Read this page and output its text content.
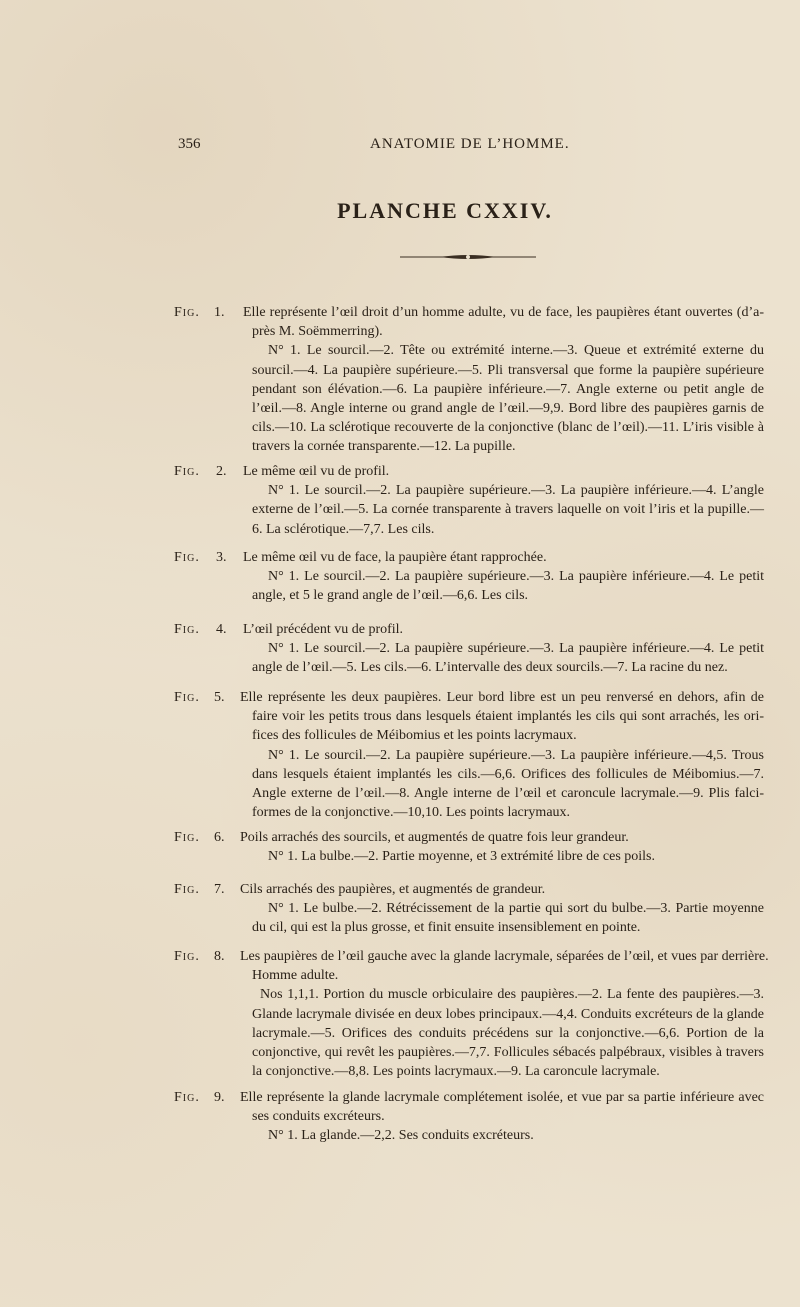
356	ANATOMIE DE L’HOMME.
PLANCHE CXXIV.
Fig. 1. Elle représente l’œil droit d’un homme adulte, vu de face, les paupières étant ouvertes (d’a-
près M. Soëmmerring).
N° 1. Le sourcil.—2. Tête ou extrémité interne.—3. Queue et extrémité externe du
sourcil.—4. La paupière supérieure.—5. Pli transversal que forme la paupière supérieure
pendant son élévation.—6. La paupière inférieure.—7. Angle externe ou petit angle de
l’œil.—8. Angle interne ou grand angle de l’œil.—9,9. Bord libre des paupières garnis de
cils.—10. La sclérotique recouverte de la conjonctive (blanc de l’œil).—11. L’iris visible à
travers la cornée transparente.—12. La pupille.
Fig. 2. Le même œil vu de profil.
N° 1. Le sourcil.—2. La paupière supérieure.—3. La paupière inférieure.—4. L’angle
externe de l’œil.—5. La cornée transparente à travers laquelle on voit l’iris et la pupille.—
6. La sclérotique.—7,7. Les cils.
Fig. 3. Le même œil vu de face, la paupière étant rapprochée.
N° 1. Le sourcil.—2. La paupière supérieure.—3. La paupière inférieure.—4. Le petit
angle, et 5 le grand angle de l’œil.—6,6. Les cils.
Fig. 4. L’œil précédent vu de profil.
N° 1. Le sourcil.—2. La paupière supérieure.—3. La paupière inférieure.—4. Le petit
angle de l’œil.—5. Les cils.—6. L’intervalle des deux sourcils.—7. La racine du nez.
Fig. 5. Elle représente les deux paupières. Leur bord libre est un peu renversé en dehors, afin de
faire voir les petits trous dans lesquels étaient implantés les cils qui sont arrachés, les ori-
fices des follicules de Méibomius et les points lacrymaux.
N° 1. Le sourcil.—2. La paupière supérieure.—3. La paupière inférieure.—4,5. Trous
dans lesquels étaient implantés les cils.—6,6. Orifices des follicules de Méibomius.—7.
Angle externe de l’œil.—8. Angle interne de l’œil et caroncule lacrymale.—9. Plis falci-
formes de la conjonctive.—10,10. Les points lacrymaux.
Fig. 6. Poils arrachés des sourcils, et augmentés de quatre fois leur grandeur.
N° 1. La bulbe.—2. Partie moyenne, et 3 extrémité libre de ces poils.
Fig. 7. Cils arrachés des paupières, et augmentés de grandeur.
N° 1. Le bulbe.—2. Rétrécissement de la partie qui sort du bulbe.—3. Partie moyenne
du cil, qui est la plus grosse, et finit ensuite insensiblement en pointe.
Fig. 8. Les paupières de l’œil gauche avec la glande lacrymale, séparées de l’œil, et vues par derrière.
Homme adulte.
Nos 1,1,1. Portion du muscle orbiculaire des paupières.—2. La fente des paupières.—3.
Glande lacrymale divisée en deux lobes principaux.—4,4. Conduits excréteurs de la glande
lacrymale.—5. Orifices des conduits précédens sur la conjonctive.—6,6. Portion de la
conjonctive, qui revêt les paupières.—7,7. Follicules sébacés palpébraux, visibles à travers
la conjonctive.—8,8. Les points lacrymaux.—9. La caroncule lacrymale.
Fig. 9. Elle représente la glande lacrymale complétement isolée, et vue par sa partie inférieure avec
ses conduits excréteurs.
N° 1. La glande.—2,2. Ses conduits excréteurs.
